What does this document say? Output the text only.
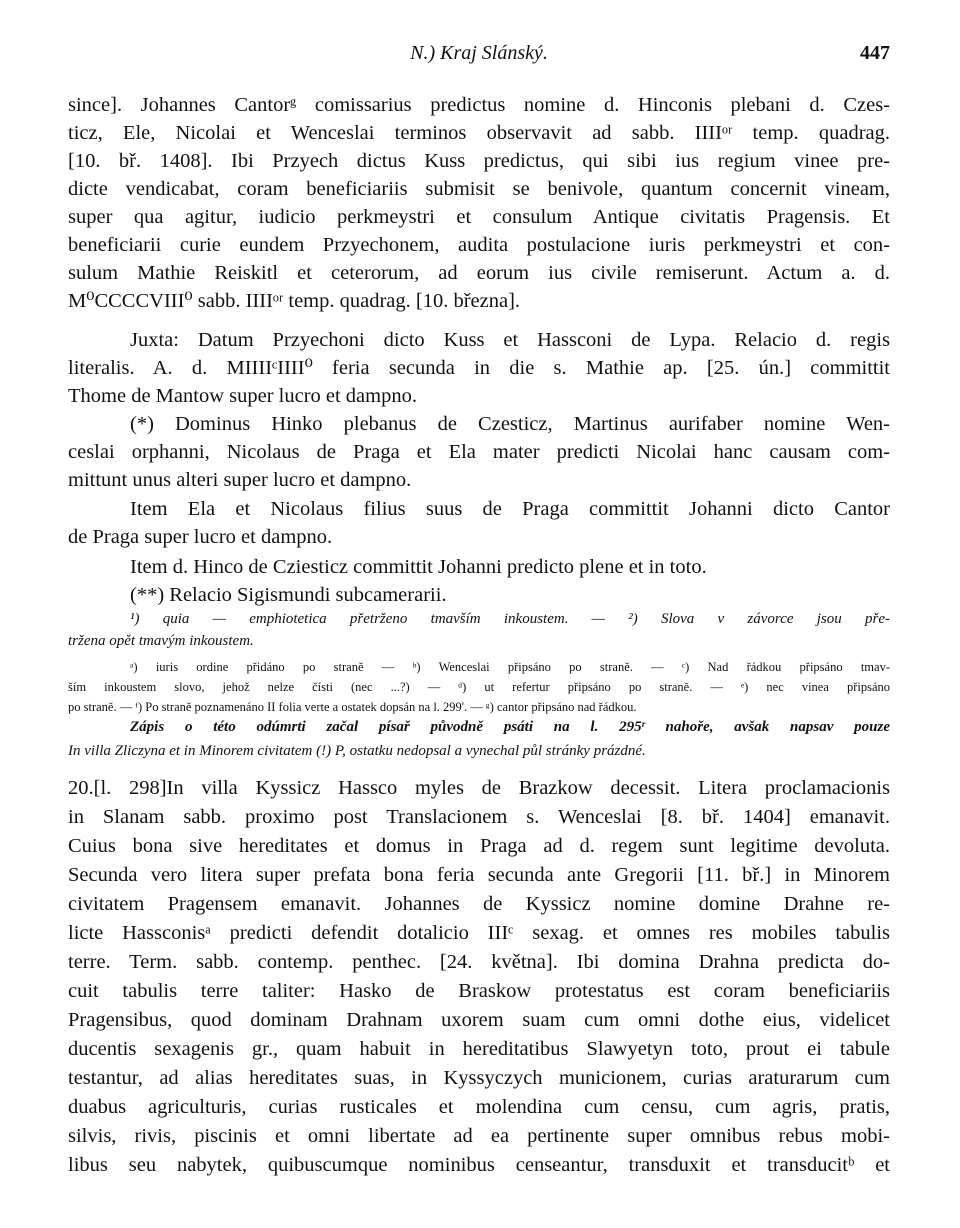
N.) Kraj Slánský.	447
since]. Johannes Cantorᵍ comissarius predictus nomine d. Hinconis plebani d. Czes-
ticz, Ele, Nicolai et Wenceslai terminos observavit ad sabb. IIIIᵒʳ temp. quadrag.
[10. bř. 1408]. Ibi Przyech dictus Kuss predictus, qui sibi ius regium vinee pre-
dicte vendicabat, coram beneficiariis submisit se benivole, quantum concernit vineam,
super qua agitur, iudicio perkmeystri et consulum Antique civitatis Pragensis. Et
beneficiarii curie eundem Przyechonem, audita postulacione iuris perkmeystri et con-
sulum Mathie Reiskitl et ceterorum, ad eorum ius civile remiserunt. Actum a. d.
M⁰CCCCVIII⁰ sabb. IIIIᵒʳ temp. quadrag. [10. března].
Juxta: Datum Przyechoni dicto Kuss et Hassconi de Lypa. Relacio d. regis
literalis. A. d. MIIIIᶜIIII⁰ feria secunda in die s. Mathie ap. [25. ún.] committit
Thome de Mantow super lucro et dampno.
(*) Dominus Hinko plebanus de Czesticz, Martinus aurifaber nomine Wen-
ceslai orphanni, Nicolaus de Praga et Ela mater predicti Nicolai hanc causam com-
mittunt unus alteri super lucro et dampno.
Item Ela et Nicolaus filius suus de Praga committit Johanni dicto Cantor
de Praga super lucro et dampno.
Item d. Hinco de Cziesticz committit Johanni predicto plene et in toto.
(**) Relacio Sigismundi subcamerarii.
¹) quia — emphiotetica přetrženo tmavším inkoustem. — ²) Slova v závorce jsou pře-
tržena opět tmavým inkoustem.
ᵃ) iuris ordine přidáno po straně — ᵇ) Wenceslai připsáno po straně. — ᶜ) Nad řádkou připsáno tmav-
ším inkoustem slovo, jehož nelze čísti (nec ...?) — ᵈ) ut refertur připsáno po straně. — ᵉ) nec vinea připsáno
po straně. — ᶠ) Po straně poznamenáno II folia verte a ostatek dopsán na l. 299'. — ᵍ) cantor připsáno nad řádkou.
Zápis o této odúmrti začal písař původně psáti na l. 295ʳ nahoře, avšak napsav pouze
In villa Zliczyna et in Minorem civitatem (!) P, ostatku nedopsal a vynechal půl stránky prázdné.
20.[l. 298]In villa Kyssicz Hassco myles de Brazkow decessit. Litera proclamacionis
in Slanam sabb. proximo post Translacionem s. Wenceslai [8. bř. 1404] emanavit.
Cuius bona sive hereditates et domus in Praga ad d. regem sunt legitime devoluta.
Secunda vero litera super prefata bona feria secunda ante Gregorii [11. bř.] in Minorem
civitatem Pragensem emanavit. Johannes de Kyssicz nomine domine Drahne re-
licte Hassconisᵃ predicti defendit dotalicio IIIᶜ sexag. et omnes res mobiles tabulis
terre. Term. sabb. contemp. penthec. [24. května]. Ibi domina Drahna predicta do-
cuit tabulis terre taliter: Hasko de Braskow protestatus est coram beneficiariis
Pragensibus, quod dominam Drahnam uxorem suam cum omni dothe eius, videlicet
ducentis sexagenis gr., quam habuit in hereditatibus Slawyetyn toto, prout ei tabule
testantur, ad alias hereditates suas, in Kyssyczych municionem, curias araturarum cum
duabus agriculturis, curias rusticales et molendina cum censu, cum agris, pratis,
silvis, rivis, piscinis et omni libertate ad ea pertinente super omnibus rebus mobi-
libus seu nabytek, quibuscumque nominibus censeantur, transduxit et transducitᵇ et
